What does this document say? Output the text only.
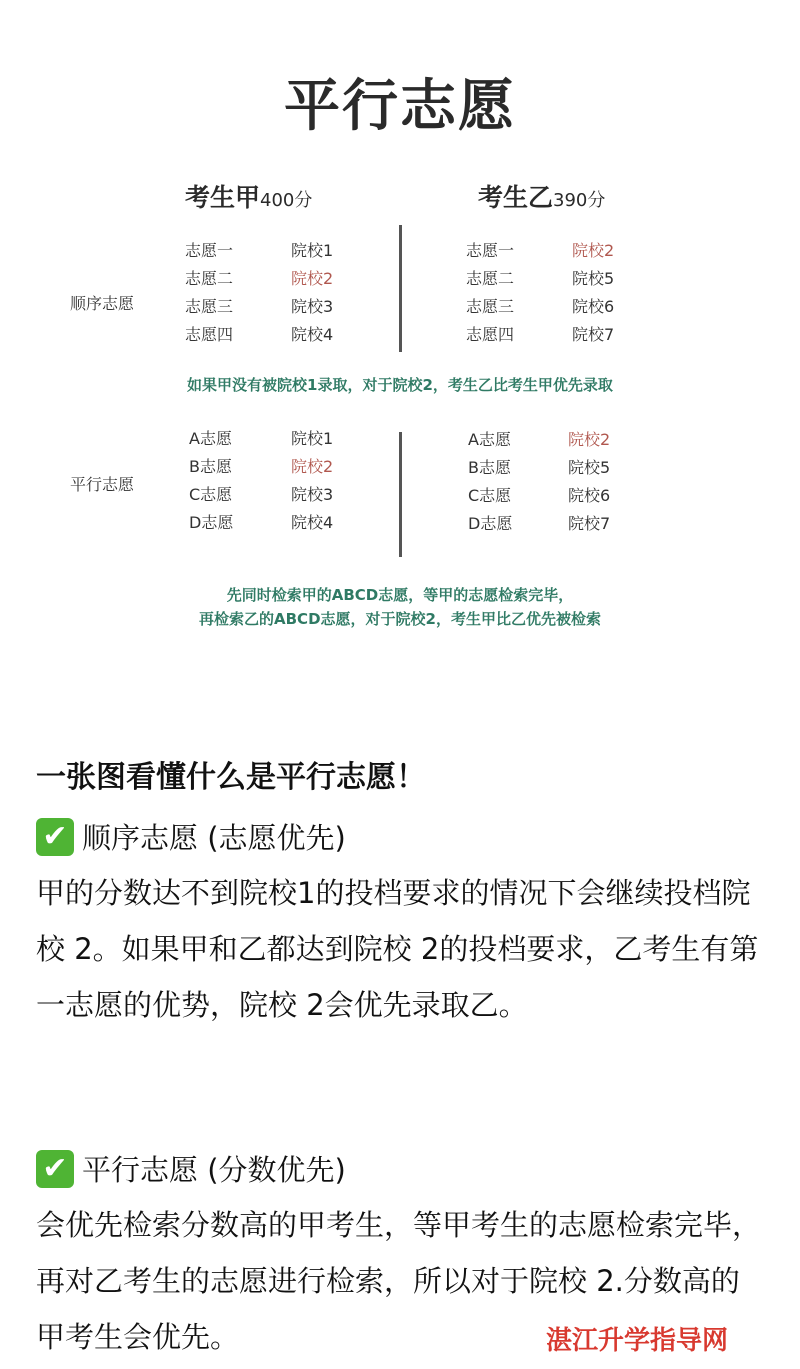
平行志愿
考生甲400分	考生乙390分
顺序志愿
志愿一
志愿二
志愿三
志愿四
院校1
院校2
院校3
院校4
志愿一
志愿二
志愿三
志愿四
院校2
院校5
院校6
院校7
如果甲没有被院校1录取，对于院校2，考生乙比考生甲优先录取
平行志愿
A志愿
B志愿
C志愿
D志愿
院校1
院校2
院校3
院校4
A志愿
B志愿
C志愿
D志愿
院校2
院校5
院校6
院校7
先同时检索甲的ABCD志愿，等甲的志愿检索完毕，
再检索乙的ABCD志愿，对于院校2，考生甲比乙优先被检索
一张图看懂什么是平行志愿！
✔ 顺序志愿 (志愿优先)
甲的分数达不到院校1的投档要求的情况下会继续投档院校 2。如果甲和乙都达到院校 2的投档要求，乙考生有第一志愿的优势，院校 2会优先录取乙。
✔ 平行志愿 (分数优先)
会优先检索分数高的甲考生，等甲考生的志愿检索完毕，再对乙考生的志愿进行检索，所以对于院校 2.分数高的甲考生会优先。	湛江升学指导网
